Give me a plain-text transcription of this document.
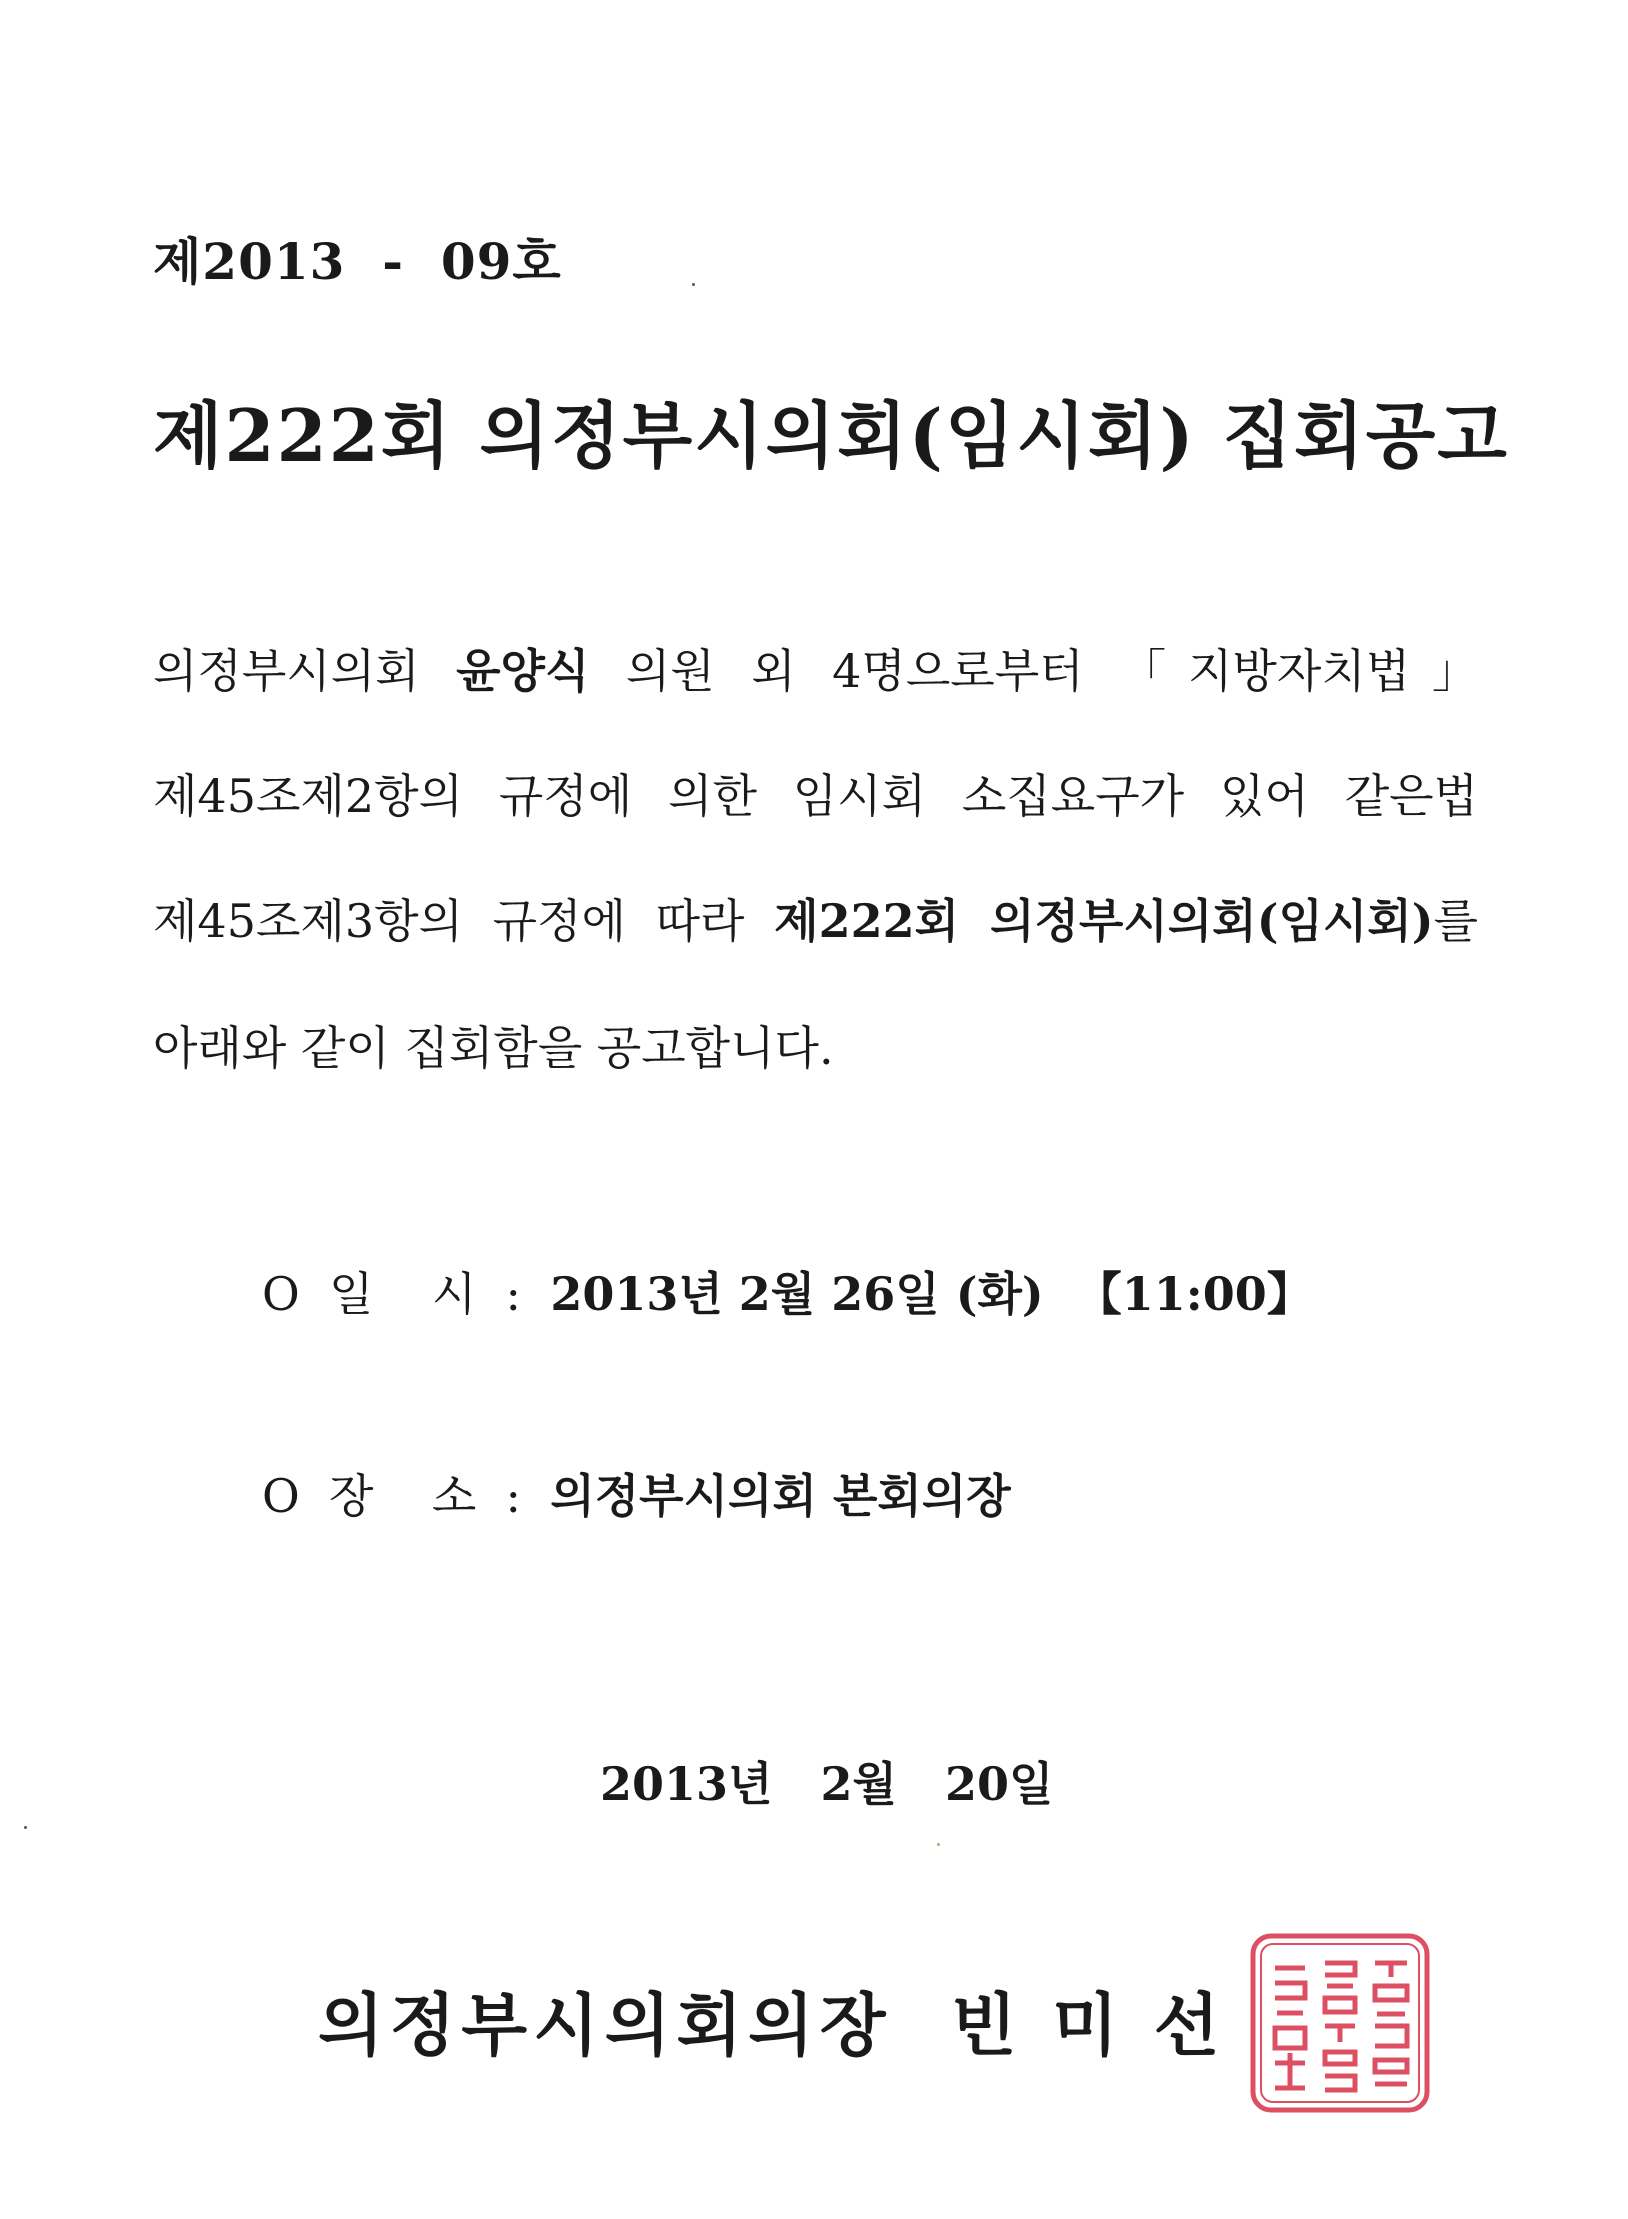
제2013  -  09호
제222회 의정부시의회(임시회) 집회공고
의정부시의회 윤양식 의원 외 4명으로부터 「지방자치법」
제45조제2항의 규정에 의한 임시회 소집요구가 있어 같은법
제45조제3항의 규정에 따라 제222회 의정부시의회(임시회)를
아래와 같이 집회함을 공고합니다.
O  일    시  :  2013년 2월 26일 (화)  【11:00】
O  장    소  :  의정부시의회 본회의장
2013년   2월   20일
의정부시의회의장  빈 미 선
